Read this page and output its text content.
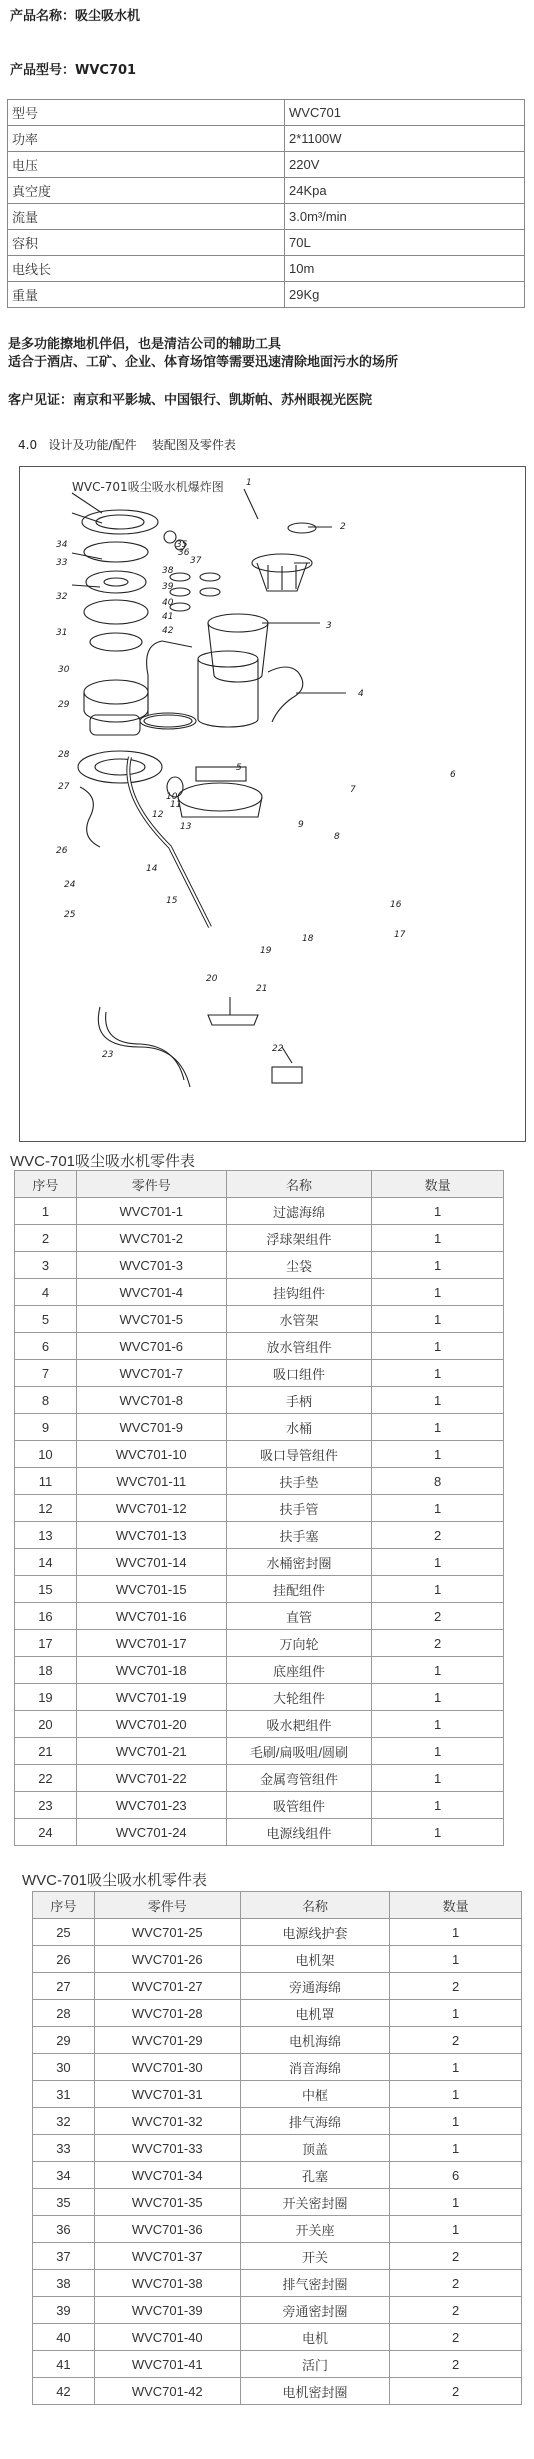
产品名称：吸尘吸水机
产品型号：WVC701
型号	WVC701
功率	2*1100W
电压	220V
真空度	24Kpa
流量	3.0m³/min
容积	70L
电线长	10m
重量	29Kg
是多功能擦地机伴侣，也是清洁公司的辅助工具
适合于酒店、工矿、企业、体育场馆等需要迅速清除地面污水的场所
客户见证：南京和平影城、中国银行、凯斯帕、苏州眼视光医院
4.0   设计及功能/配件    装配图及零件表
WVC-701吸尘吸水机爆炸图 1
2
3
4
5
6
7
8
9
10
11
12
13
14
15	16
17
18
19
20
21
22
23
24
25
26
27
28
29
30
31
32
33
34	35
36
37
38
39
40
41
42
WVC-701吸尘吸水机零件表
序号	零件号	名称	数量
1	WVC701-1	过滤海绵	1
2	WVC701-2	浮球架组件	1
3	WVC701-3	尘袋	1
4	WVC701-4	挂钩组件	1
5	WVC701-5	水管架	1
6	WVC701-6	放水管组件	1
7	WVC701-7	吸口组件	1
8	WVC701-8	手柄	1
9	WVC701-9	水桶	1
10	WVC701-10	吸口导管组件	1
11	WVC701-11	扶手垫	8
12	WVC701-12	扶手管	1
13	WVC701-13	扶手塞	2
14	WVC701-14	水桶密封圈	1
15	WVC701-15	挂配组件	1
16	WVC701-16	直管	2
17	WVC701-17	万向轮	2
18	WVC701-18	底座组件	1
19	WVC701-19	大轮组件	1
20	WVC701-20	吸水耙组件	1
21	WVC701-21	毛刷/扁吸咀/圆刷	1
22	WVC701-22	金属弯管组件	1
23	WVC701-23	吸管组件	1
24	WVC701-24	电源线组件	1
WVC-701吸尘吸水机零件表
序号	零件号	名称	数量
25	WVC701-25	电源线护套	1
26	WVC701-26	电机架	1
27	WVC701-27	旁通海绵	2
28	WVC701-28	电机罩	1
29	WVC701-29	电机海绵	2
30	WVC701-30	消音海绵	1
31	WVC701-31	中框	1
32	WVC701-32	排气海绵	1
33	WVC701-33	顶盖	1
34	WVC701-34	孔塞	6
35	WVC701-35	开关密封圈	1
36	WVC701-36	开关座	1
37	WVC701-37	开关	2
38	WVC701-38	排气密封圈	2
39	WVC701-39	旁通密封圈	2
40	WVC701-40	电机	2
41	WVC701-41	活门	2
42	WVC701-42	电机密封圈	2
